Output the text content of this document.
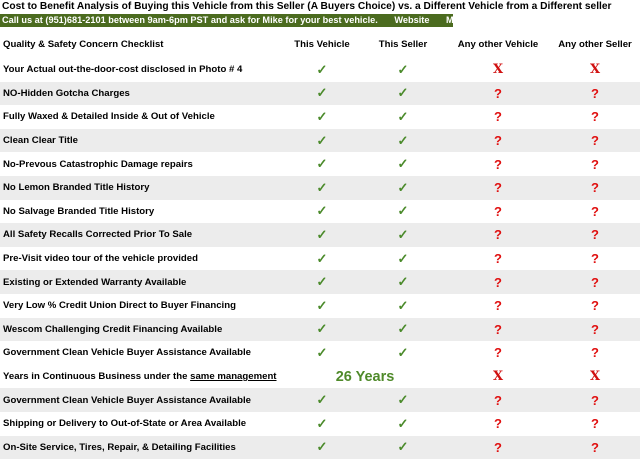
Cost to Benefit Analysis of Buying this Vehicle from this Seller (A Buyers Choice) vs. a Different Vehicle from a Different seller
Call us at (951)681-2101 between 9am-6pm PST and ask for Mike for your best vehicle. Website MyBestCar.com
Quality & Safety Concern Checklist	This Vehicle	This Seller	Any other Vehicle	Any other Seller
Your Actual out-the-door-cost disclosed in Photo # 4	✓	✓	X	X
NO-Hidden Gotcha Charges	✓	✓	?	?
Fully Waxed & Detailed Inside & Out of Vehicle	✓	✓	?	?
Clean Clear Title	✓	✓	?	?
No-Prevous Catastrophic Damage repairs	✓	✓	?	?
No Lemon Branded Title History	✓	✓	?	?
No Salvage Branded Title History	✓	✓	?	?
All Safety Recalls Corrected Prior To Sale	✓	✓	?	?
Pre-Visit video tour of the vehicle provided	✓	✓	?	?
Existing or Extended Warranty Available	✓	✓	?	?
Very Low % Credit Union Direct to Buyer Financing	✓	✓	?	?
Wescom Challenging Credit Financing Available	✓	✓	?	?
Government Clean Vehicle Buyer Assistance Available	✓	✓	?	?
Years in Continuous Business under the same management	26 Years	X	X
Government Clean Vehicle Buyer Assistance Available	✓	✓	?	?
Shipping or Delivery to Out-of-State or Area Available	✓	✓	?	?
On-Site Service, Tires, Repair, & Detailing Facilities	✓	✓	?	?
